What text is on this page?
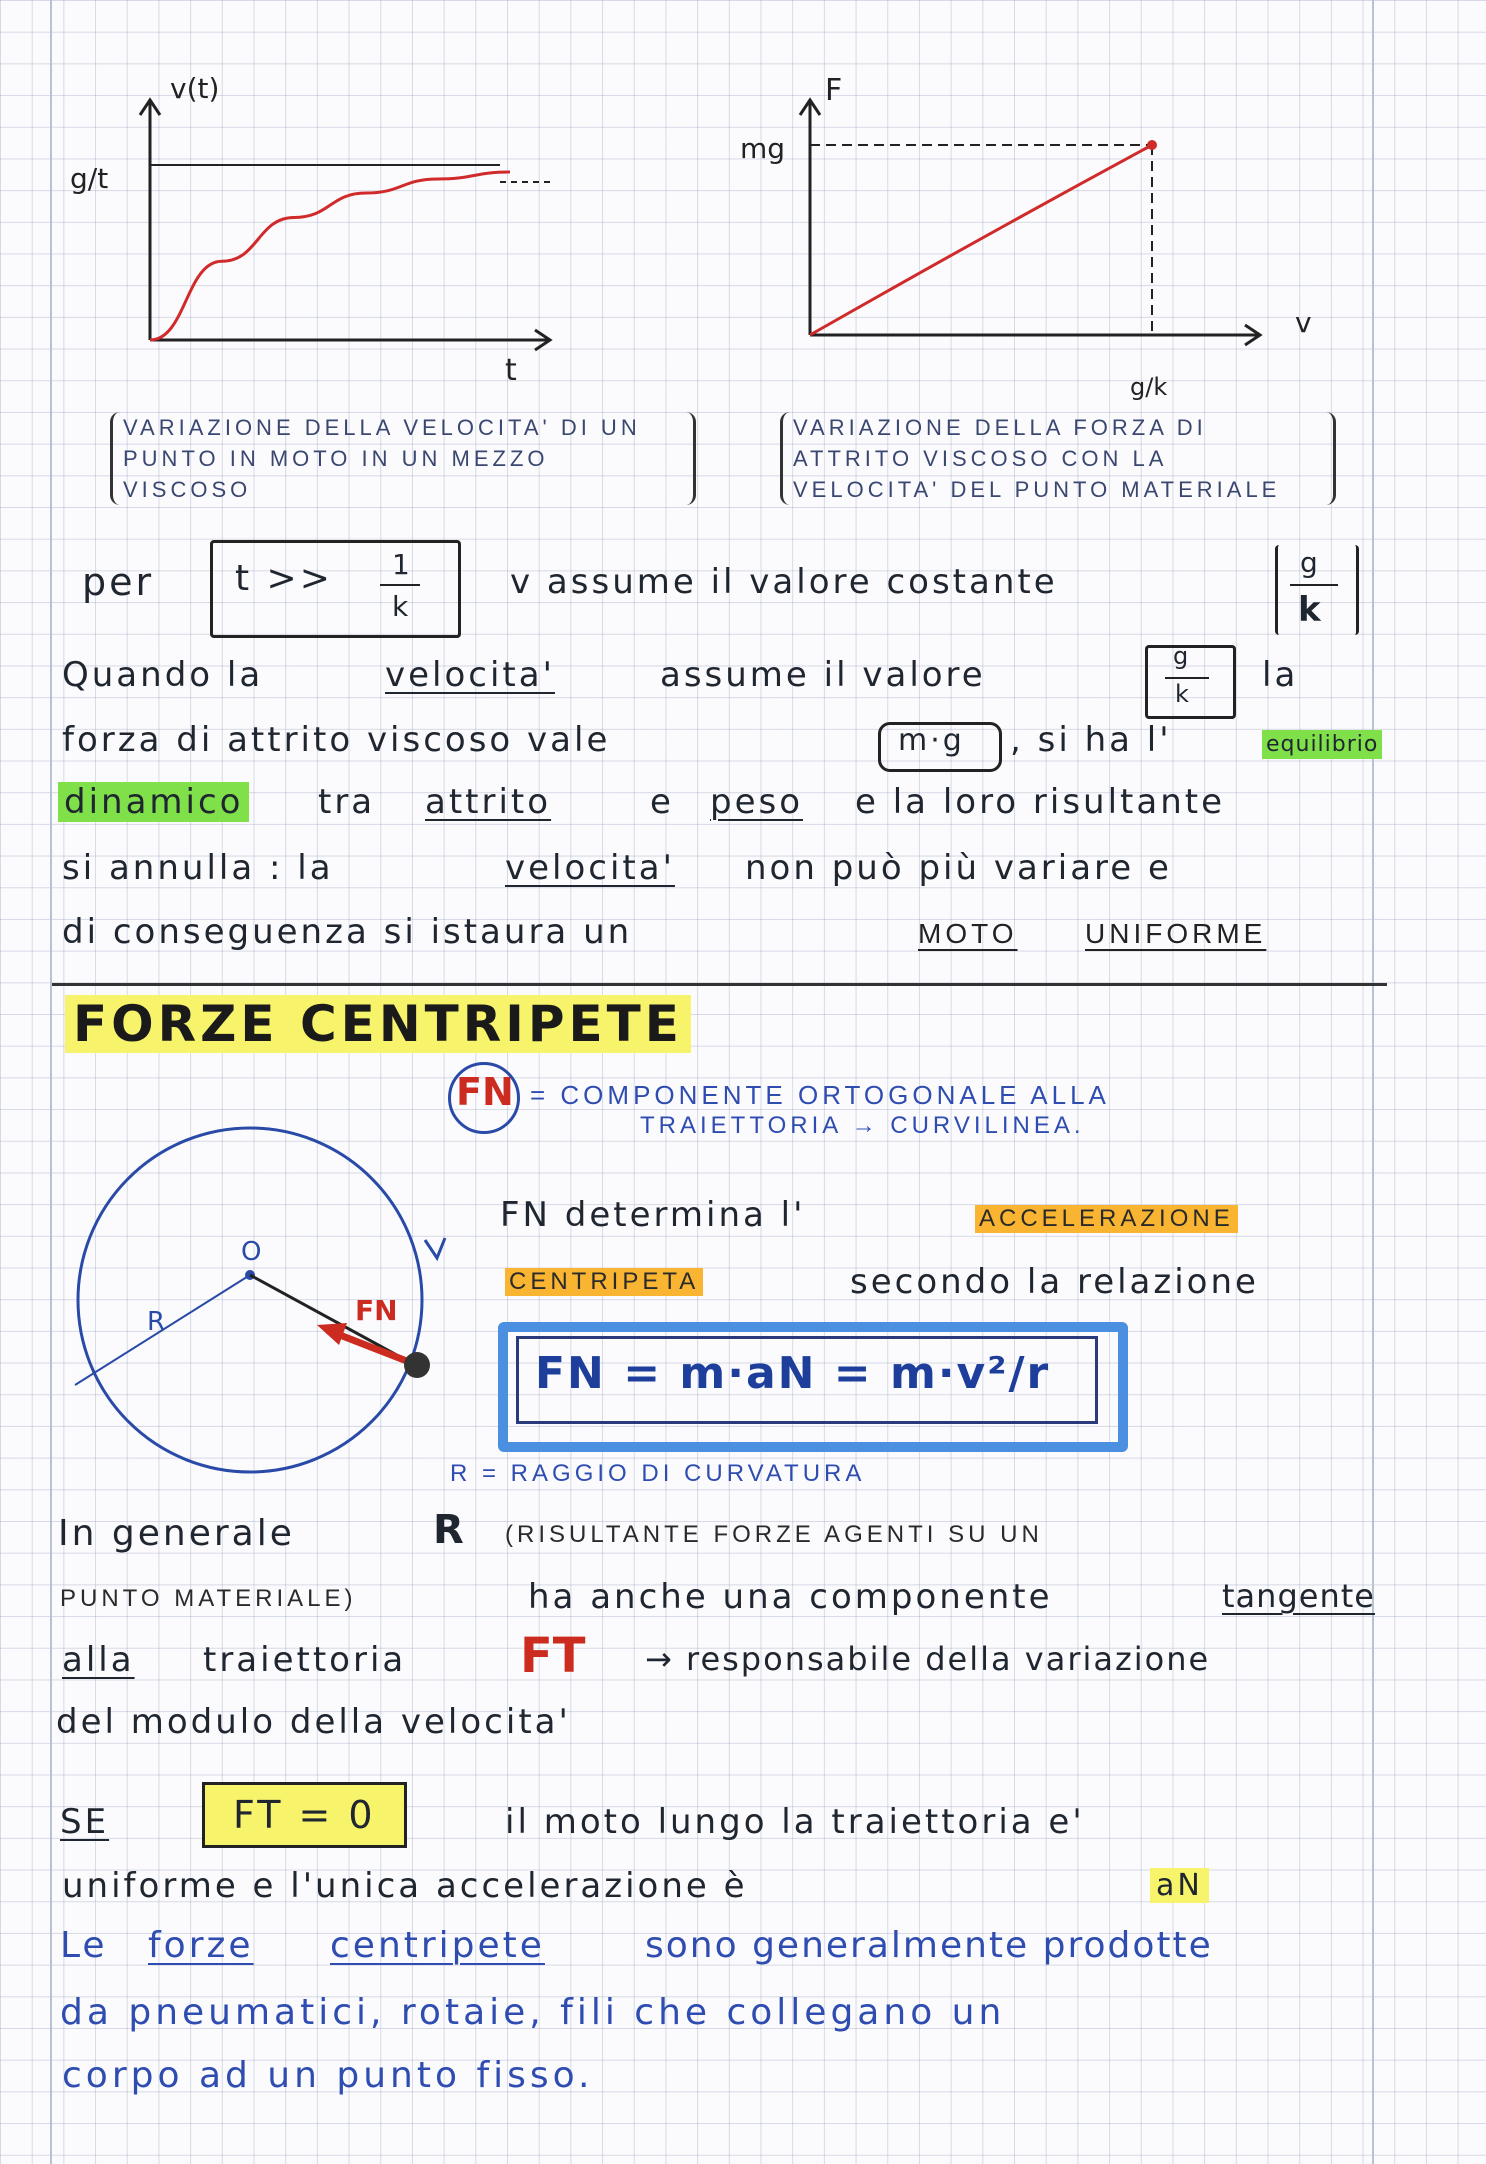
v(t)
t
g/t
VARIAZIONE DELLA VELOCITA' DI UN PUNTO IN MOTO IN UN MEZZO VISCOSO
F
v
mg
g/k
VARIAZIONE DELLA FORZA DI ATTRITO VISCOSO CON LA VELOCITA' DEL PUNTO MATERIALE
per t >> 1
k
v assume il valore costante	g
k
Quando la	velocita'	assume il valore	g
k la
forza di attrito viscoso vale	m·g , si ha l'	equilibrio
dinamico tra attrito	e peso e la loro risultante
si annulla : la	velocita' non può più variare e
di conseguenza si istaura un	MOTO UNIFORME
FORZE CENTRIPETE
FN = COMPONENTE ORTOGONALE ALLA
TRAIETTORIA → CURVILINEA.
O
R	FN
FN determina l'	ACCELERAZIONE
CENTRIPETA	secondo la relazione
FN = m·aN = m·v²/r
R = RAGGIO DI CURVATURA
In generale	R (RISULTANTE FORZE AGENTI SU UN
PUNTO MATERIALE)	ha anche una componente	tangente
alla traiettoria FT → responsabile della variazione
del modulo della velocita'
SE	FT = 0	il moto lungo la traiettoria e'
uniforme e l'unica accelerazione è	aN
Le forze centripete	sono generalmente prodotte
da pneumatici, rotaie, fili che collegano un
corpo ad un punto fisso.
